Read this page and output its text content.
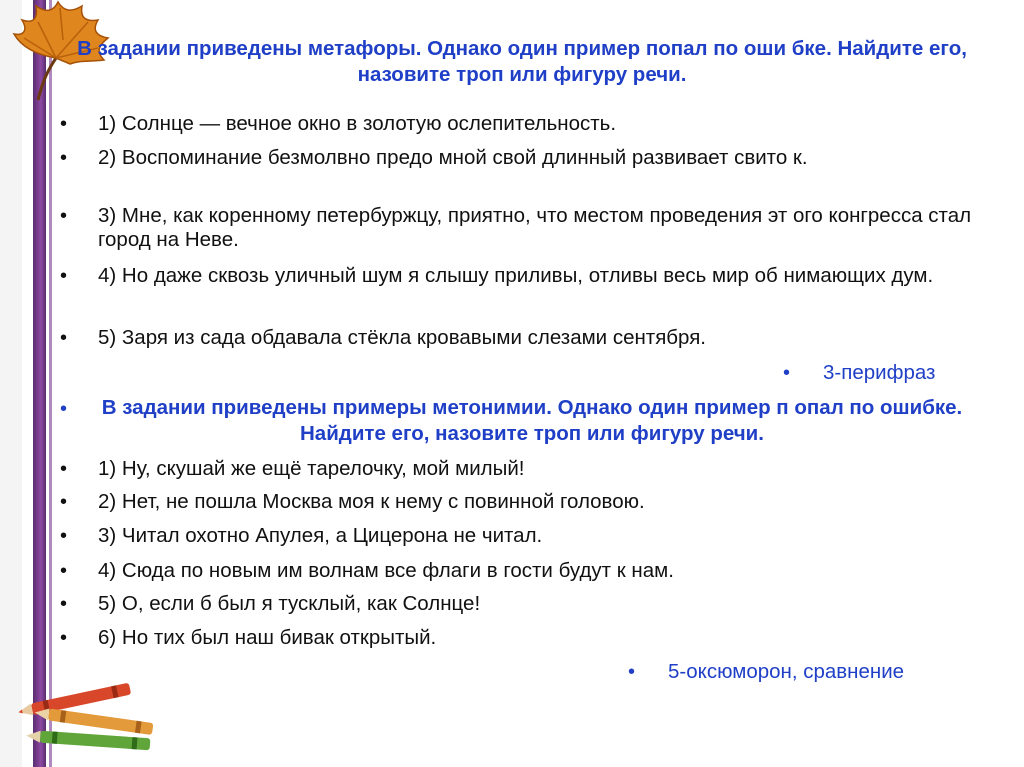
В задании приведены метафоры. Однако один пример попал по оши бке. Найдите его, назовите троп или фигуру речи.

• 1) Солнце — вечное окно в золотую ослепительность.

• 2) Воспоминание безмолвно предо мной свой длинный развивает свито к.

• 3) Мне, как коренному петербуржцу, приятно, что местом проведения эт ого конгресса стал город на Неве.

• 4) Но даже сквозь уличный шум я слышу приливы, отливы весь мир об нимающих дум.

• 5) Заря из сада обдавала стёкла кровавыми слезами сентября.

• 3-перифраз
•	В задании приведены примеры метонимии. Однако один пример п опал по ошибке. Найдите его, назовите троп или фигуру речи.

• 1) Ну, скушай же ещё тарелочку, мой милый!

• 2) Нет, не пошла Москва моя к нему с повинной головою.

• 3) Читал охотно Апулея, а Цицерона не читал.

• 4) Сюда по новым им волнам все флаги в гости будут к нам.

• 5) О, если б был я тусклый, как Солнце!

• 6) Но тих был наш бивак открытый.

• 5-оксюморон, сравнение
